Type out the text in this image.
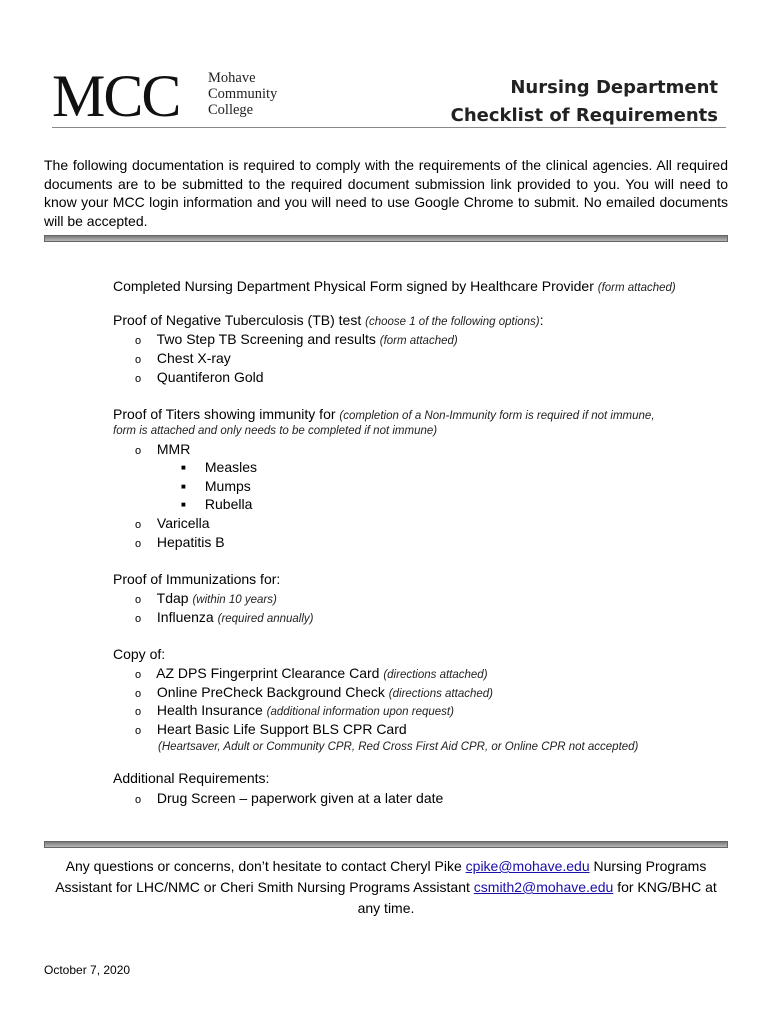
MCC Mohave
Community
College
Nursing Department
Checklist of Requirements

The following documentation is required to comply with the requirements of the clinical agencies. All required documents are to be submitted to the required document submission link provided to you. You will need to know your MCC login information and you will need to use Google Chrome to submit. No emailed documents will be accepted.

Completed Nursing Department Physical Form signed by Healthcare Provider (form attached)
Proof of Negative Tuberculosis (TB) test (choose 1 of the following options):
o Two Step TB Screening and results (form attached)
o Chest X-ray
o Quantiferon Gold
Proof of Titers showing immunity for (completion of a Non-Immunity form is required if not immune,
form is attached and only needs to be completed if not immune)
o MMR
■ Measles
■ Mumps
■ Rubella
o Varicella
o Hepatitis B
Proof of Immunizations for:
o Tdap (within 10 years)
o Influenza (required annually)
Copy of:
o AZ DPS Fingerprint Clearance Card (directions attached)
o Online PreCheck Background Check (directions attached)
o Health Insurance (additional information upon request)
o Heart Basic Life Support BLS CPR Card
(Heartsaver, Adult or Community CPR, Red Cross First Aid CPR, or Online CPR not accepted)
Additional Requirements:
o Drug Screen – paperwork given at a later date
Any questions or concerns, don’t hesitate to contact Cheryl Pike cpike@mohave.edu Nursing Programs Assistant for LHC/NMC or Cheri Smith Nursing Programs Assistant csmith2@mohave.edu for KNG/BHC at any time.
October 7, 2020
